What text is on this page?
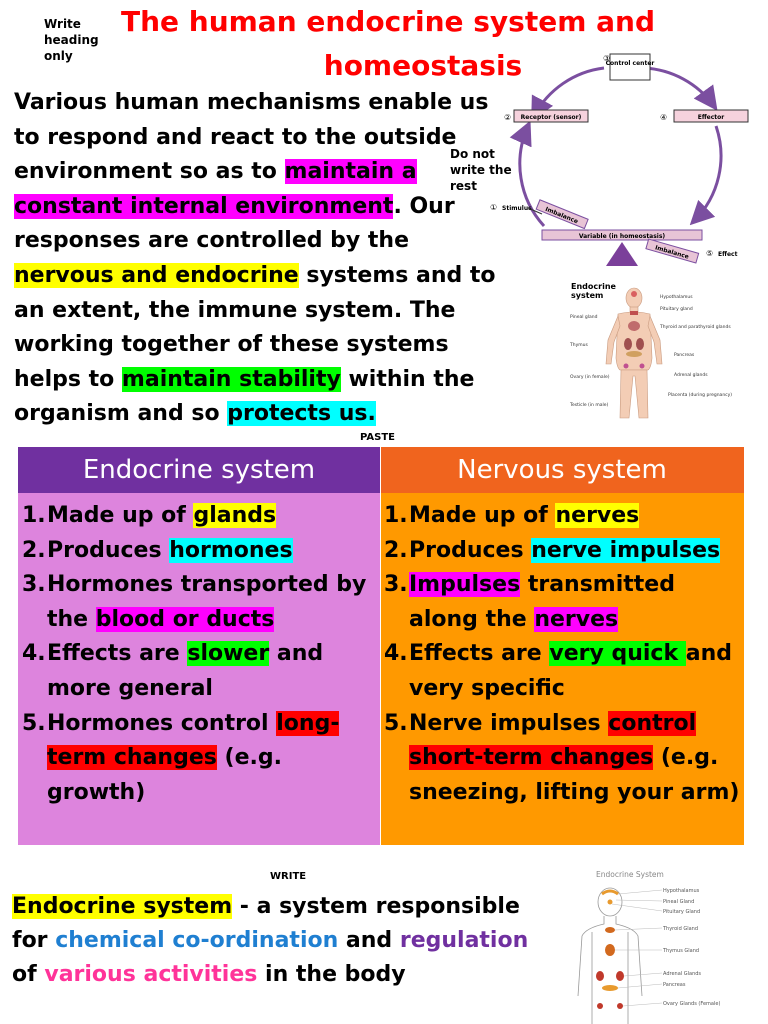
Write heading only
Do not write the rest
The human endocrine system and
homeostasis
Various human mechanisms enable us to respond and react to the outside environment so as to maintain a constant internal environment. Our responses are controlled by the nervous and endocrine systems and to an extent, the immune system. The working together of these systems helps to maintain stability within the organism and so protects us.
Control center
③
Receptor (sensor)
②	Effector
④
① Stimulus Imbalance
Variable (in homeostasis)
Imbalance ⑤ Effect
Endocrine
system	Hypothalamus
Pituitary gland
Thyroid and parathyroid glands
Pancreas
Adrenal glands
Placenta (during pregnancy)
Pineal gland
Thymus
Ovary (in female)
Testicle (in male)
PASTE
Endocrine system
1. Made up of glands
2. Produces hormones
3. Hormones transported by the blood or ducts
4. Effects are slower and more general
5. Hormones control long-term changes (e.g. growth)
Nervous system
1. Made up of nerves
2. Produces nerve impulses
3. Impulses transmitted along the nerves
4. Effects are very quick and very specific
5. Nerve impulses control short-term changes (e.g. sneezing, lifting your arm)
WRITE
Endocrine system - a system responsible for chemical co-ordination and regulation of various activities in the body
Endocrine System
Hypothalamus
Pineal Gland
Pituitary Gland
Thyroid Gland
Thymus Gland
Adrenal Glands
Pancreas
Ovary Glands (Female)
